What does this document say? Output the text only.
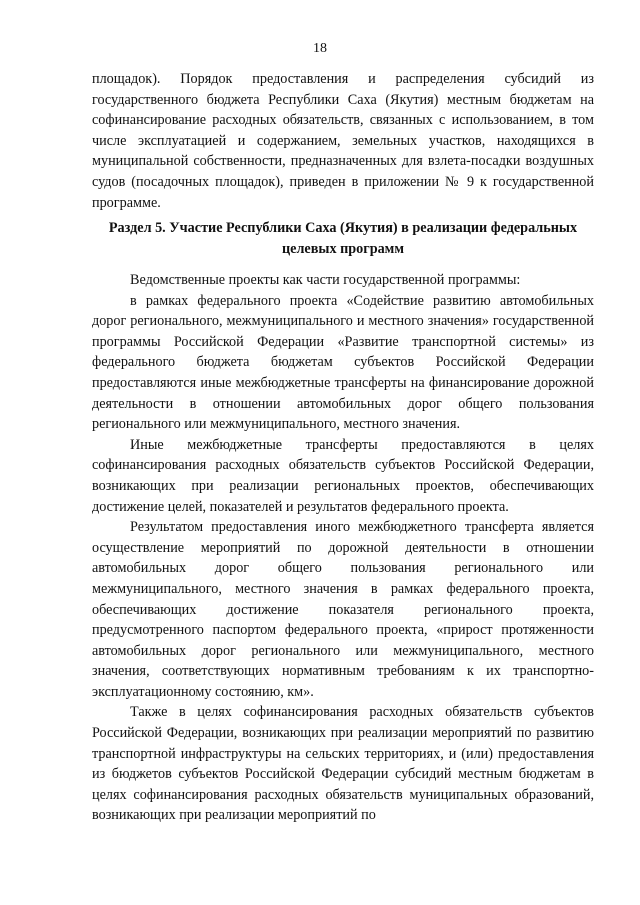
18
площадок). Порядок предоставления и распределения субсидий из государственного бюджета Республики Саха (Якутия) местным бюджетам на софинансирование расходных обязательств, связанных с использованием, в том числе эксплуатацией и содержанием, земельных участков, находящихся в муниципальной собственности, предназначенных для взлета-посадки воздушных судов (посадочных площадок), приведен в приложении № 9 к государственной программе.
Раздел 5. Участие Республики Саха (Якутия) в реализации федеральных целевых программ

Ведомственные проекты как части государственной программы:

в рамках федерального проекта «Содействие развитию автомобильных дорог регионального, межмуниципального и местного значения» государственной программы Российской Федерации «Развитие транспортной системы» из федерального бюджета бюджетам субъектов Российской Федерации предоставляются иные межбюджетные трансферты на финансирование дорожной деятельности в отношении автомобильных дорог общего пользования регионального или межмуниципального, местного значения.

Иные межбюджетные трансферты предоставляются в целях софинансирования расходных обязательств субъектов Российской Федерации, возникающих при реализации региональных проектов, обеспечивающих достижение целей, показателей и результатов федерального проекта.

Результатом предоставления иного межбюджетного трансферта является осуществление мероприятий по дорожной деятельности в отношении автомобильных дорог общего пользования регионального или межмуниципального, местного значения в рамках федерального проекта, обеспечивающих достижение показателя регионального проекта, предусмотренного паспортом федерального проекта, «прирост протяженности автомобильных дорог регионального или межмуниципального, местного значения, соответствующих нормативным требованиям к их транспортно-эксплуатационному состоянию, км».

Также в целях софинансирования расходных обязательств субъектов Российской Федерации, возникающих при реализации мероприятий по развитию транспортной инфраструктуры на сельских территориях, и (или) предоставления из бюджетов субъектов Российской Федерации субсидий местным бюджетам в целях софинансирования расходных обязательств муниципальных образований, возникающих при реализации мероприятий по
